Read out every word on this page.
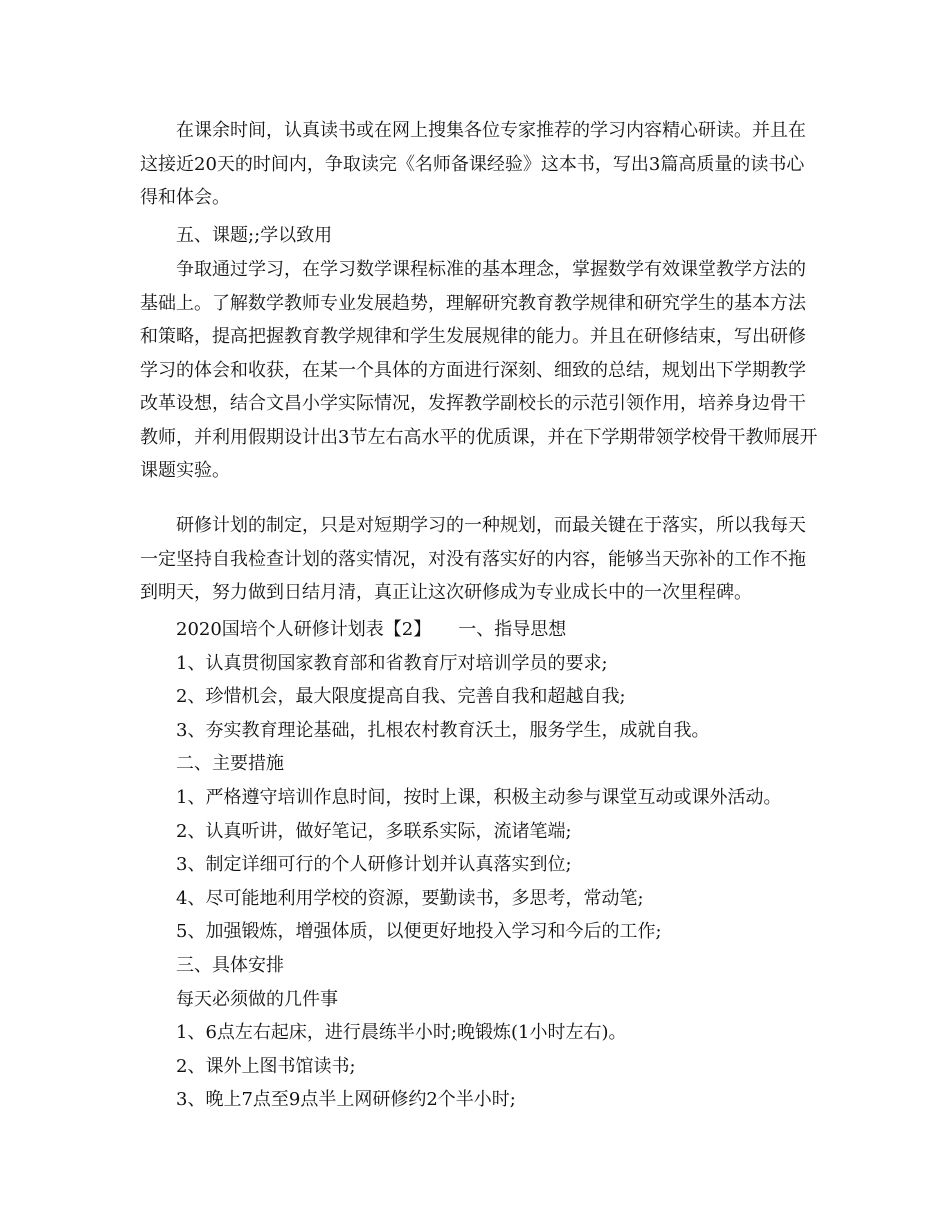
在课余时间，认真读书或在网上搜集各位专家推荐的学习内容精心研读。并且在这接近20天的时间内，争取读完《名师备课经验》这本书，写出3篇高质量的读书心得和体会。

五、课题;;学以致用

争取通过学习，在学习数学课程标准的基本理念，掌握数学有效课堂教学方法的基础上。了解数学教师专业发展趋势，理解研究教育教学规律和研究学生的基本方法和策略，提高把握教育教学规律和学生发展规律的能力。并且在研修结束，写出研修学习的体会和收获，在某一个具体的方面进行深刻、细致的总结，规划出下学期教学改革设想，结合文昌小学实际情况，发挥教学副校长的示范引领作用，培养身边骨干教师，并利用假期设计出3节左右高水平的优质课，并在下学期带领学校骨干教师展开课题实验。

研修计划的制定，只是对短期学习的一种规划，而最关键在于落实，所以我每天一定坚持自我检查计划的落实情况，对没有落实好的内容，能够当天弥补的工作不拖到明天，努力做到日结月清，真正让这次研修成为专业成长中的一次里程碑。

2020国培个人研修计划表【2】　　一、指导思想

1、认真贯彻国家教育部和省教育厅对培训学员的要求;

2、珍惜机会，最大限度提高自我、完善自我和超越自我;

3、夯实教育理论基础，扎根农村教育沃土，服务学生，成就自我。

二、主要措施

1、严格遵守培训作息时间，按时上课，积极主动参与课堂互动或课外活动。

2、认真听讲，做好笔记，多联系实际，流诸笔端;

3、制定详细可行的个人研修计划并认真落实到位;

4、尽可能地利用学校的资源，要勤读书，多思考，常动笔;

5、加强锻炼，增强体质，以便更好地投入学习和今后的工作;

三、具体安排

每天必须做的几件事

1、6点左右起床，进行晨练半小时;晚锻炼(1小时左右)。

2、课外上图书馆读书;

3、晚上7点至9点半上网研修约2个半小时;
